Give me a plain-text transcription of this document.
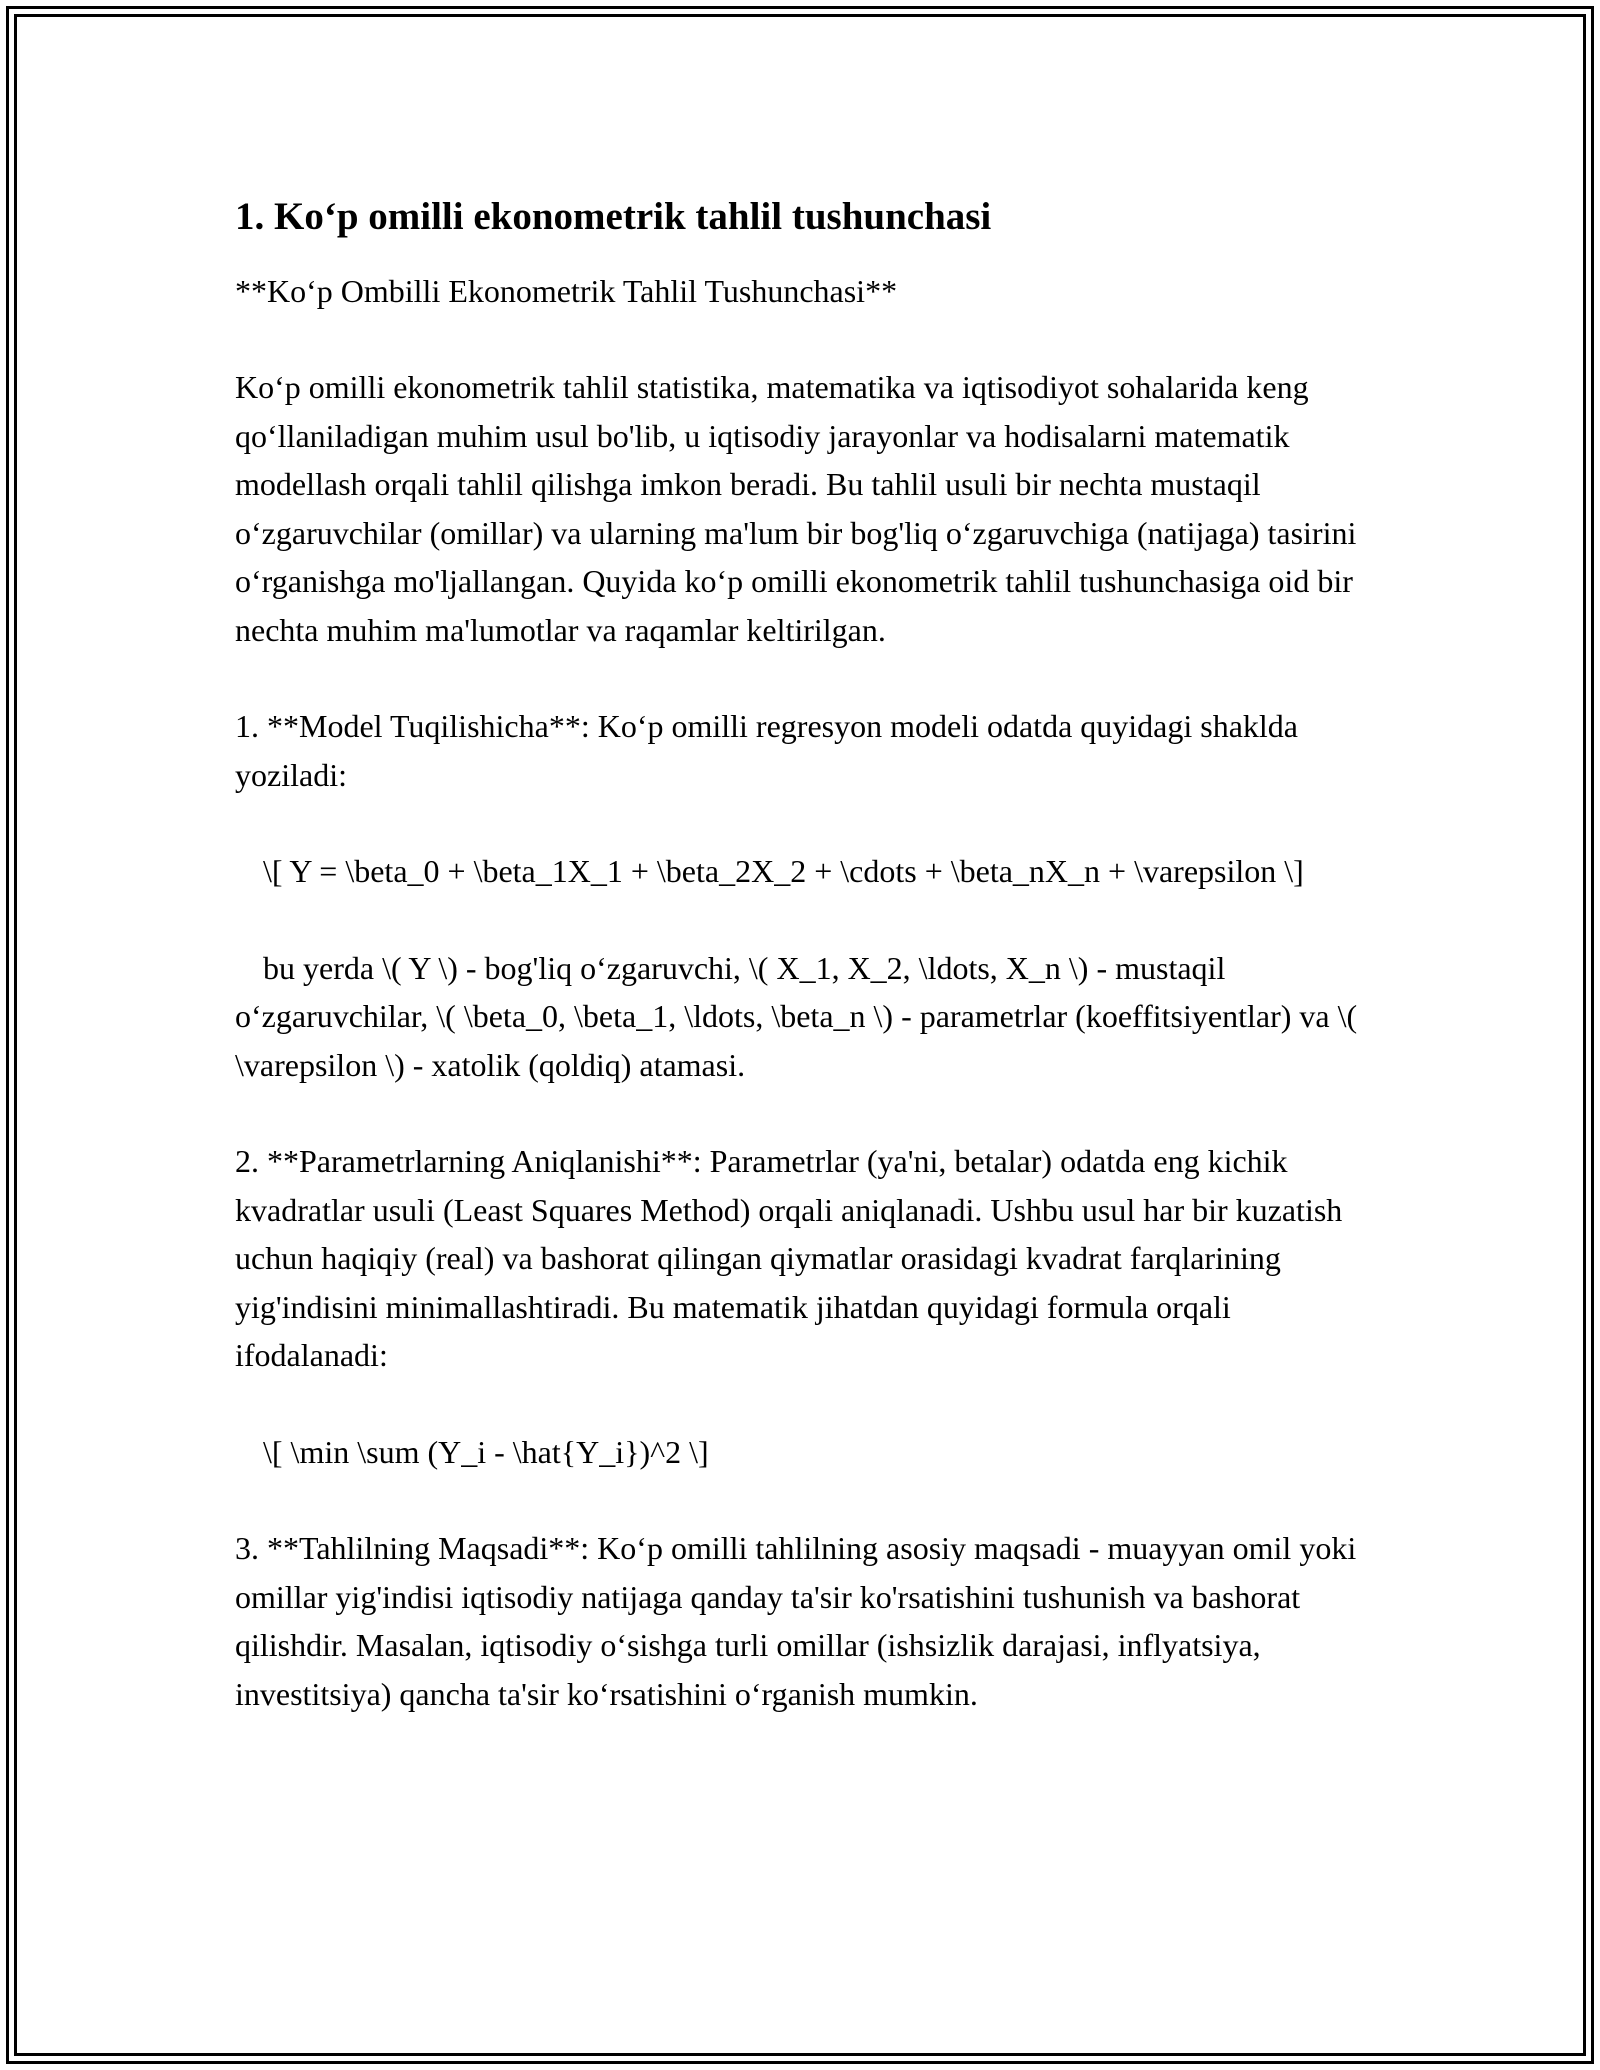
1. Ko‘p omilli ekonometrik tahlil tushunchasi

**Ko‘p Ombilli Ekonometrik Tahlil Tushunchasi**

Ko‘p omilli ekonometrik tahlil statistika, matematika va iqtisodiyot sohalarida keng qo‘llaniladigan muhim usul bo'lib, u iqtisodiy jarayonlar va hodisalarni matematik modellash orqali tahlil qilishga imkon beradi. Bu tahlil usuli bir nechta mustaqil o‘zgaruvchilar (omillar) va ularning ma'lum bir bog'liq o‘zgaruvchiga (natijaga) tasirini o‘rganishga mo'ljallangan. Quyida ko‘p omilli ekonometrik tahlil tushunchasiga oid bir nechta muhim ma'lumotlar va raqamlar keltirilgan.

1. **Model Tuqilishicha**: Ko‘p omilli regresyon modeli odatda quyidagi shaklda yoziladi:

\[ Y = \beta_0 + \beta_1X_1 + \beta_2X_2 + \cdots + \beta_nX_n + \varepsilon \]

bu yerda \( Y \) - bog'liq o‘zgaruvchi, \( X_1, X_2, \ldots, X_n \) - mustaqil o‘zgaruvchilar, \( \beta_0, \beta_1, \ldots, \beta_n \) - parametrlar (koeffitsiyentlar) va \( \varepsilon \) - xatolik (qoldiq) atamasi.

2. **Parametrlarning Aniqlanishi**: Parametrlar (ya'ni, betalar) odatda eng kichik kvadratlar usuli (Least Squares Method) orqali aniqlanadi. Ushbu usul har bir kuzatish uchun haqiqiy (real) va bashorat qilingan qiymatlar orasidagi kvadrat farqlarining yig'indisini minimallashtiradi. Bu matematik jihatdan quyidagi formula orqali ifodalanadi:

\[ \min \sum (Y_i - \hat{Y_i})^2 \]

3. **Tahlilning Maqsadi**: Ko‘p omilli tahlilning asosiy maqsadi - muayyan omil yoki omillar yig'indisi iqtisodiy natijaga qanday ta'sir ko'rsatishini tushunish va bashorat qilishdir. Masalan, iqtisodiy o‘sishga turli omillar (ishsizlik darajasi, inflyatsiya, investitsiya) qancha ta'sir ko‘rsatishini o‘rganish mumkin.
